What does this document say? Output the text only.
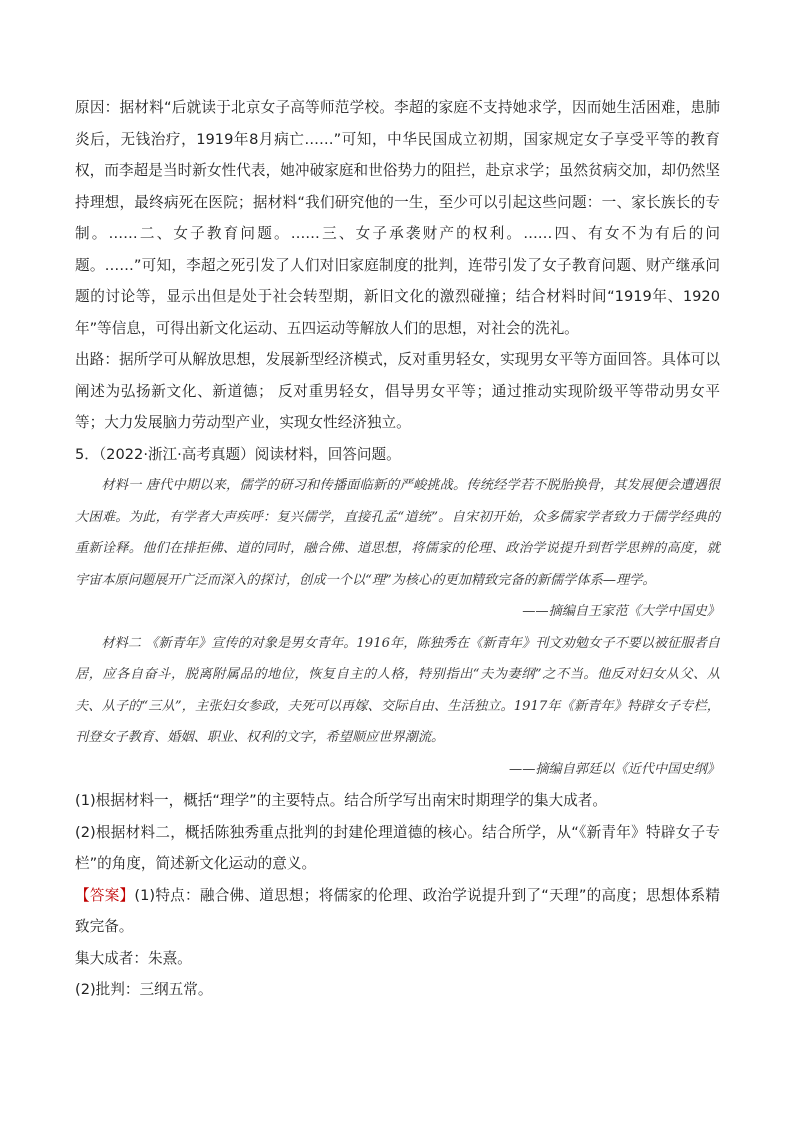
原因：据材料“后就读于北京女子高等师范学校。李超的家庭不支持她求学，因而她生活困难，患肺炎后，无钱治疗，1919年8月病亡……”可知，中华民国成立初期，国家规定女子享受平等的教育权，而李超是当时新女性代表，她冲破家庭和世俗势力的阻拦，赴京求学；虽然贫病交加，却仍然坚持理想，最终病死在医院；据材料“我们研究他的一生，至少可以引起这些问题：一、家长族长的专制。……二、女子教育问题。……三、女子承袭财产的权利。……四、有女不为有后的问题。……”可知，李超之死引发了人们对旧家庭制度的批判，连带引发了女子教育问题、财产继承问题的讨论等，显示出但是处于社会转型期，新旧文化的激烈碰撞；结合材料时间“1919年、1920年”等信息，可得出新文化运动、五四运动等解放人们的思想，对社会的洗礼。

出路：据所学可从解放思想，发展新型经济模式，反对重男轻女，实现男女平等方面回答。具体可以阐述为弘扬新文化、新道德； 反对重男轻女，倡导男女平等；通过推动实现阶级平等带动男女平等；大力发展脑力劳动型产业，实现女性经济独立。

5．（2022·浙江·高考真题）阅读材料，回答问题。

材料一 唐代中期以来，儒学的研习和传播面临新的严峻挑战。传统经学若不脱胎换骨，其发展便会遭遇很大困难。为此，有学者大声疾呼：复兴儒学，直接孔孟“道统”。自宋初开始，众多儒家学者致力于儒学经典的重新诠释。他们在排拒佛、道的同时，融合佛、道思想，将儒家的伦理、政治学说提升到哲学思辨的高度，就宇宙本原问题展开广泛而深入的探讨，创成一个以“理”为核心的更加精致完备的新儒学体系—理学。

——摘编自王家范《大学中国史》

材料二 《新青年》宣传的对象是男女青年。1916年，陈独秀在《新青年》刊文劝勉女子不要以被征服者自居，应各自奋斗，脱离附属品的地位，恢复自主的人格，特别指出“夫为妻纲”之不当。他反对妇女从父、从夫、从子的“三从”，主张妇女参政，夫死可以再嫁、交际自由、生活独立。1917年《新青年》特辟女子专栏，刊登女子教育、婚姻、职业、权利的文字，希望顺应世界潮流。

——摘编自郭廷以《近代中国史纲》

(1)根据材料一，概括“理学”的主要特点。结合所学写出南宋时期理学的集大成者。

(2)根据材料二，概括陈独秀重点批判的封建伦理道德的核心。结合所学，从“《新青年》特辟女子专栏”的角度，简述新文化运动的意义。

【答案】(1)特点：融合佛、道思想；将儒家的伦理、政治学说提升到了“天理”的高度；思想体系精致完备。

集大成者：朱熹。

(2)批判：三纲五常。
